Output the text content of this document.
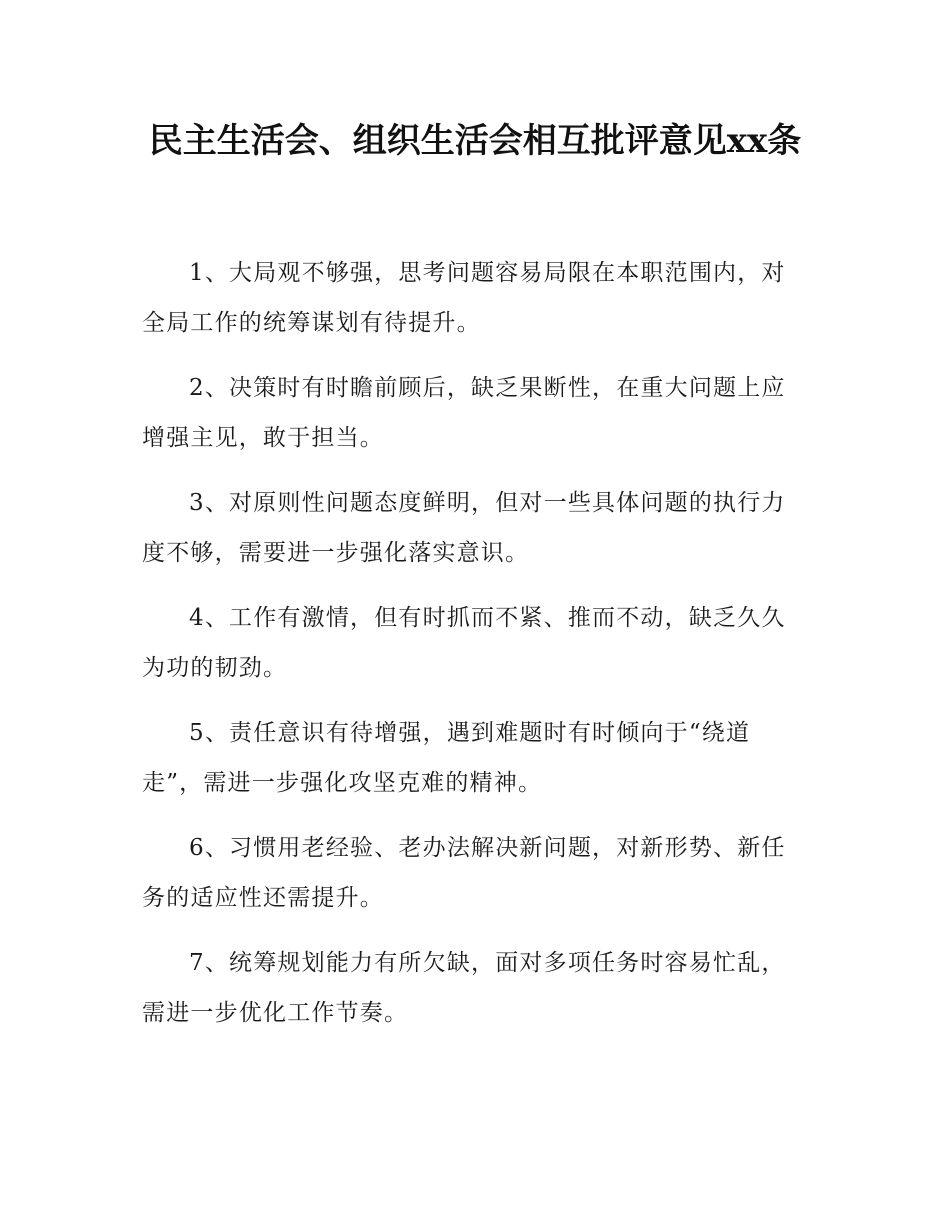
民主生活会、组织生活会相互批评意见xx条

1、大局观不够强，思考问题容易局限在本职范围内，对
全局工作的统筹谋划有待提升。

2、决策时有时瞻前顾后，缺乏果断性，在重大问题上应
增强主见，敢于担当。

3、对原则性问题态度鲜明，但对一些具体问题的执行力
度不够，需要进一步强化落实意识。

4、工作有激情，但有时抓而不紧、推而不动，缺乏久久
为功的韧劲。

5、责任意识有待增强，遇到难题时有时倾向于“绕道
走”，需进一步强化攻坚克难的精神。

6、习惯用老经验、老办法解决新问题，对新形势、新任
务的适应性还需提升。

7、统筹规划能力有所欠缺，面对多项任务时容易忙乱，
需进一步优化工作节奏。
